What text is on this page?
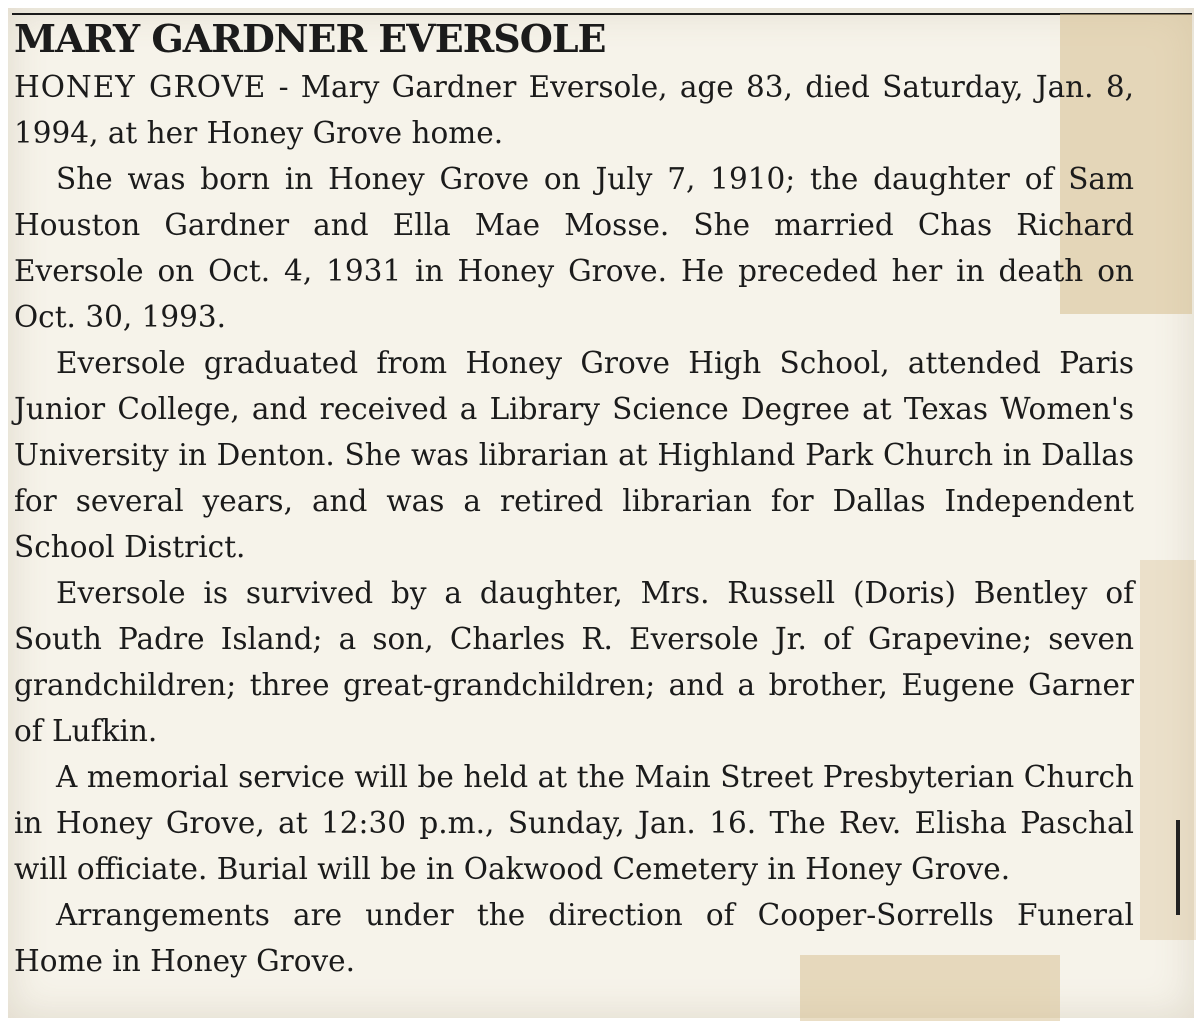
MARY GARDNER EVERSOLE

HONEY GROVE - Mary Gardner Eversole, age 83, died Saturday, Jan. 8, 1994, at her Honey Grove home.

She was born in Honey Grove on July 7, 1910; the daughter of Sam Houston Gardner and Ella Mae Mosse. She married Chas Richard Eversole on Oct. 4, 1931 in Honey Grove. He preceded her in death on Oct. 30, 1993.

Eversole graduated from Honey Grove High School, attended Paris Junior College, and received a Library Science Degree at Texas Women's University in Denton. She was librarian at Highland Park Church in Dallas for several years, and was a retired librarian for Dallas Independent School District.

Eversole is survived by a daughter, Mrs. Russell (Doris) Bentley of South Padre Island; a son, Charles R. Eversole Jr. of Grapevine; seven grandchildren; three great-grandchildren; and a brother, Eugene Garner of Lufkin.

A memorial service will be held at the Main Street Presbyterian Church in Honey Grove, at 12:30 p.m., Sunday, Jan. 16. The Rev. Elisha Paschal will officiate. Burial will be in Oakwood Cemetery in Honey Grove.

Arrangements are under the direction of Cooper-Sorrells Funeral Home in Honey Grove.
